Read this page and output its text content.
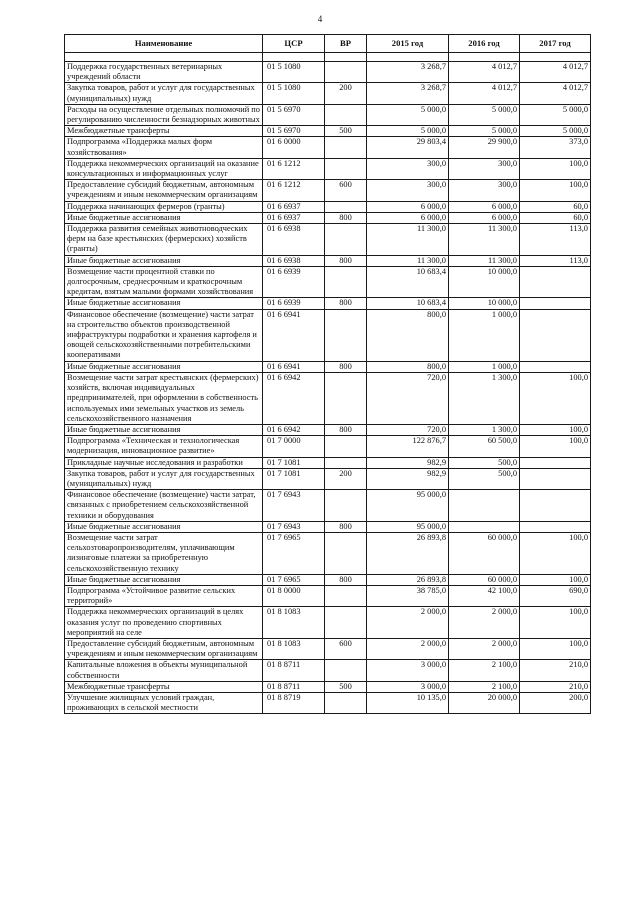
4
Наименование	ЦСР	ВР	2015 год	2016 год	2017 год

Поддержка государственных ветеринарных учреждений области	01 5 1080		3 268,7	4 012,7	4 012,7
Закупка товаров, работ и услуг для государственных (муниципальных) нужд	01 5 1080	200	3 268,7	4 012,7	4 012,7
Расходы на осуществление отдельных полномочий по регулированию численности безнадзорных животных	01 5 6970		5 000,0	5 000,0	5 000,0
Межбюджетные трансферты	01 5 6970	500	5 000,0	5 000,0	5 000,0
Подпрограмма «Поддержка малых форм хозяйствования»	01 6 0000		29 803,4	29 900,0	373,0
Поддержка некоммерческих организаций на оказание консультационных и информационных услуг	01 6 1212		300,0	300,0	100,0
Предоставление субсидий бюджетным, автономным учреждениям и иным некоммерческим организациям	01 6 1212	600	300,0	300,0	100,0
Поддержка начинающих фермеров (гранты)	01 6 6937		6 000,0	6 000,0	60,0
Иные бюджетные ассигнования	01 6 6937	800	6 000,0	6 000,0	60,0
Поддержка развития семейных животноводческих ферм на базе крестьянских (фермерских) хозяйств (гранты)	01 6 6938		11 300,0	11 300,0	113,0
Иные бюджетные ассигнования	01 6 6938	800	11 300,0	11 300,0	113,0
Возмещение части процентной ставки по долгосрочным, среднесрочным и краткосрочным кредитам, взятым малыми формами хозяйствования	01 6 6939		10 683,4	10 000,0	
Иные бюджетные ассигнования	01 6 6939	800	10 683,4	10 000,0	
Финансовое обеспечение (возмещение) части затрат на строительство объектов производственной инфраструктуры подработки и хранения картофеля и овощей сельскохозяйственными потребительскими кооперативами	01 6 6941		800,0	1 000,0	
Иные бюджетные ассигнования	01 6 6941	800	800,0	1 000,0	
Возмещение части затрат крестьянских (фермерских) хозяйств, включая индивидуальных предпринимателей, при оформлении в собственность используемых ими земельных участков из земель сельскохозяйственного назначения	01 6 6942		720,0	1 300,0	100,0
Иные бюджетные ассигнования	01 6 6942	800	720,0	1 300,0	100,0
Подпрограмма «Техническая и технологическая модернизация, инновационное развитие»	01 7 0000		122 876,7	60 500,0	100,0
Прикладные научные исследования и разработки	01 7 1081		982,9	500,0	
Закупка товаров, работ и услуг для государственных (муниципальных) нужд	01 7 1081	200	982,9	500,0	
Финансовое обеспечение (возмещение) части затрат, связанных с приобретением сельскохозяйственной техники и оборудования	01 7 6943		95 000,0		
Иные бюджетные ассигнования	01 7 6943	800	95 000,0		
Возмещение части затрат сельхозтоваропроизводителям, уплачивающим лизинговые платежи за приобретенную сельскохозяйственную технику	01 7 6965		26 893,8	60 000,0	100,0
Иные бюджетные ассигнования	01 7 6965	800	26 893,8	60 000,0	100,0
Подпрограмма «Устойчивое развитие сельских территорий»	01 8 0000		38 785,0	42 100,0	690,0
Поддержка некоммерческих организаций в целях оказания услуг по проведению спортивных мероприятий на селе	01 8 1083		2 000,0	2 000,0	100,0
Предоставление субсидий бюджетным, автономным учреждениям и иным некоммерческим организациям	01 8 1083	600	2 000,0	2 000,0	100,0
Капитальные вложения в объекты муниципальной собственности	01 8 8711		3 000,0	2 100,0	210,0
Межбюджетные трансферты	01 8 8711	500	3 000,0	2 100,0	210,0
Улучшение жилищных условий граждан, проживающих в сельской местности	01 8 8719		10 135,0	20 000,0	200,0
